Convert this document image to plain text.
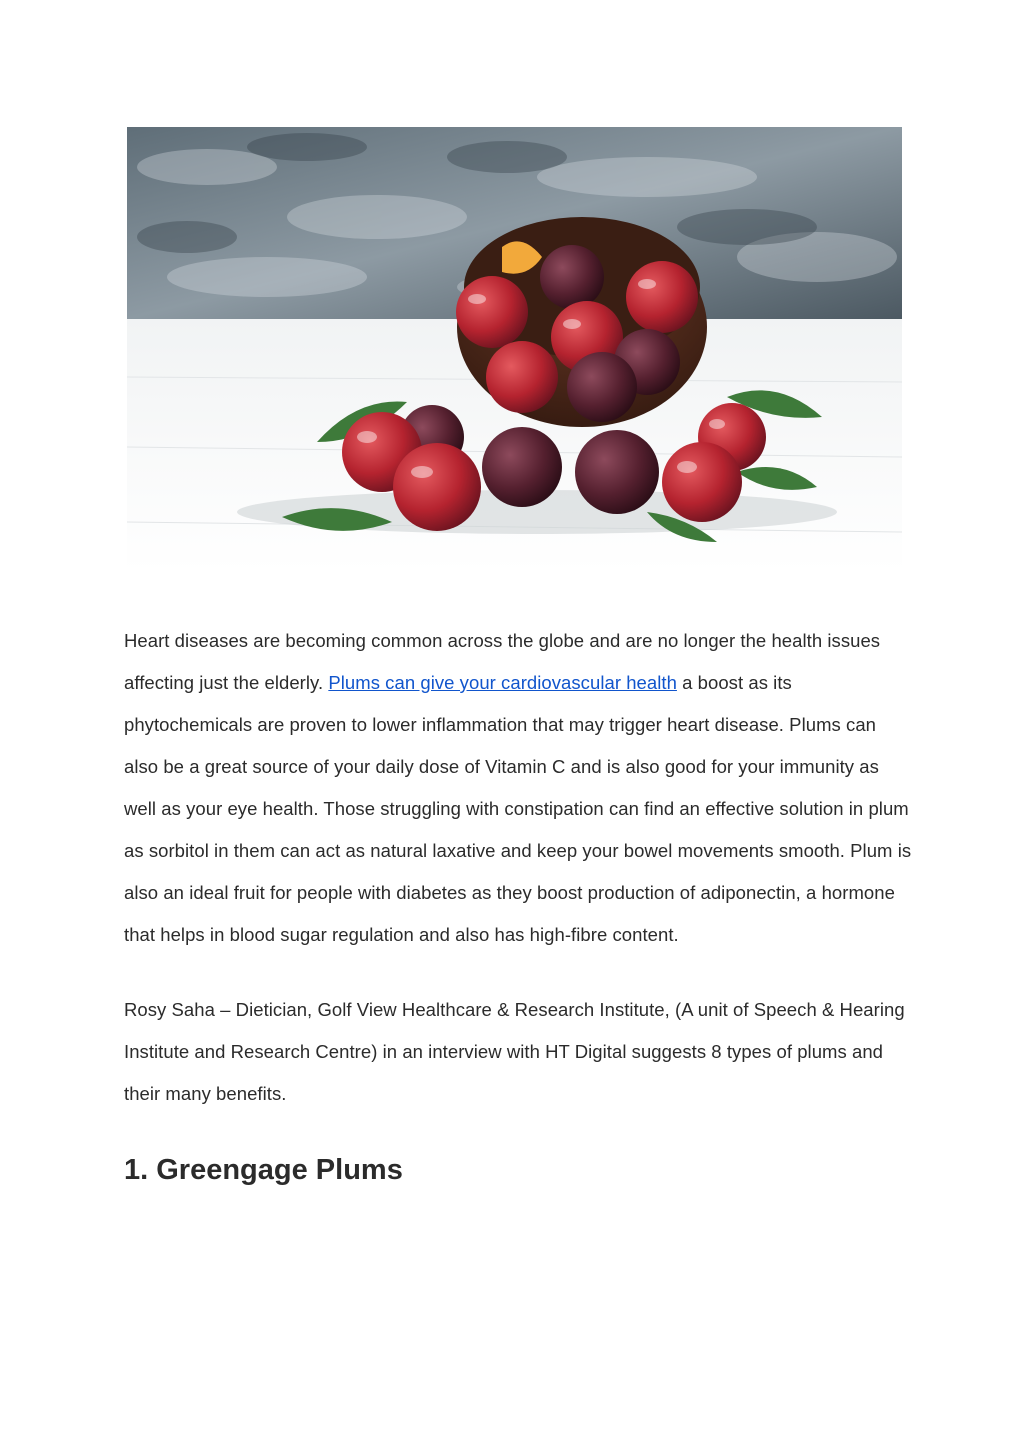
Heart diseases are becoming common across the globe and are no longer the health issues affecting just the elderly. Plums can give your cardiovascular health a boost as its phytochemicals are proven to lower inflammation that may trigger heart disease. Plums can also be a great source of your daily dose of Vitamin C and is also good for your immunity as well as your eye health. Those struggling with constipation can find an effective solution in plum as sorbitol in them can act as natural laxative and keep your bowel movements smooth. Plum is also an ideal fruit for people with diabetes as they boost production of adiponectin, a hormone that helps in blood sugar regulation and also has high-fibre content.

Rosy Saha – Dietician, Golf View Healthcare & Research Institute, (A unit of Speech & Hearing Institute and Research Centre) in an interview with HT Digital suggests 8 types of plums and their many benefits.

1. Greengage Plums
